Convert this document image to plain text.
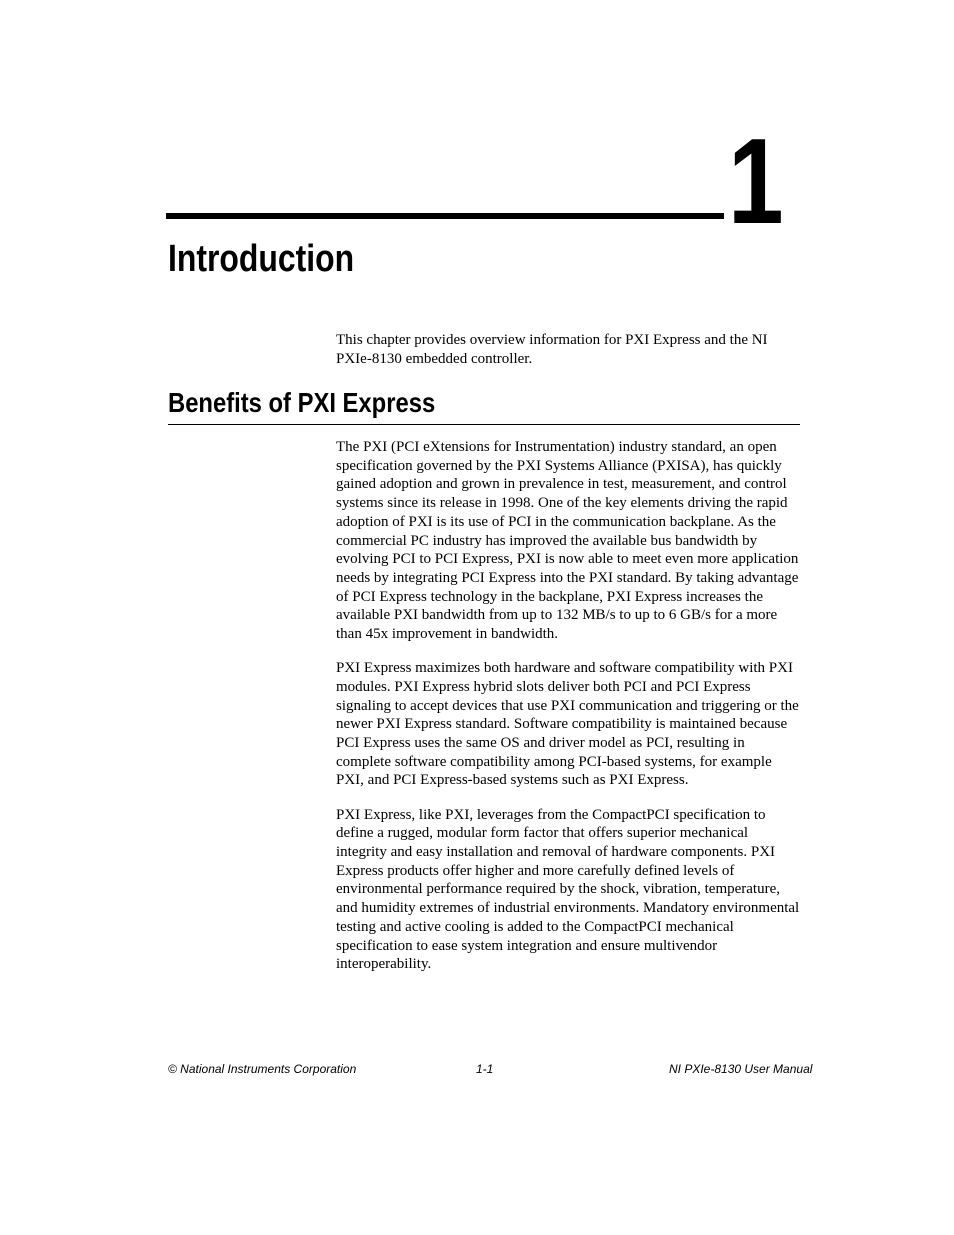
1
Introduction

This chapter provides overview information for PXI Express and the NI PXIe-8130 embedded controller.

Benefits of PXI Express

The PXI (PCI eXtensions for Instrumentation) industry standard, an open specification governed by the PXI Systems Alliance (PXISA), has quickly gained adoption and grown in prevalence in test, measurement, and control systems since its release in 1998. One of the key elements driving the rapid adoption of PXI is its use of PCI in the communication backplane. As the commercial PC industry has improved the available bus bandwidth by evolving PCI to PCI Express, PXI is now able to meet even more application needs by integrating PCI Express into the PXI standard. By taking advantage of PCI Express technology in the backplane, PXI Express increases the available PXI bandwidth from up to 132 MB/s to up to 6 GB/s for a more than 45x improvement in bandwidth.

PXI Express maximizes both hardware and software compatibility with PXI modules. PXI Express hybrid slots deliver both PCI and PCI Express signaling to accept devices that use PXI communication and triggering or the newer PXI Express standard. Software compatibility is maintained because PCI Express uses the same OS and driver model as PCI, resulting in complete software compatibility among PCI-based systems, for example PXI, and PCI Express-based systems such as PXI Express.

PXI Express, like PXI, leverages from the CompactPCI specification to define a rugged, modular form factor that offers superior mechanical integrity and easy installation and removal of hardware components. PXI Express products offer higher and more carefully defined levels of environmental performance required by the shock, vibration, temperature, and humidity extremes of industrial environments. Mandatory environmental testing and active cooling is added to the CompactPCI mechanical specification to ease system integration and ensure multivendor interoperability.

© National Instruments Corporation	1-1	NI PXIe-8130 User Manual
